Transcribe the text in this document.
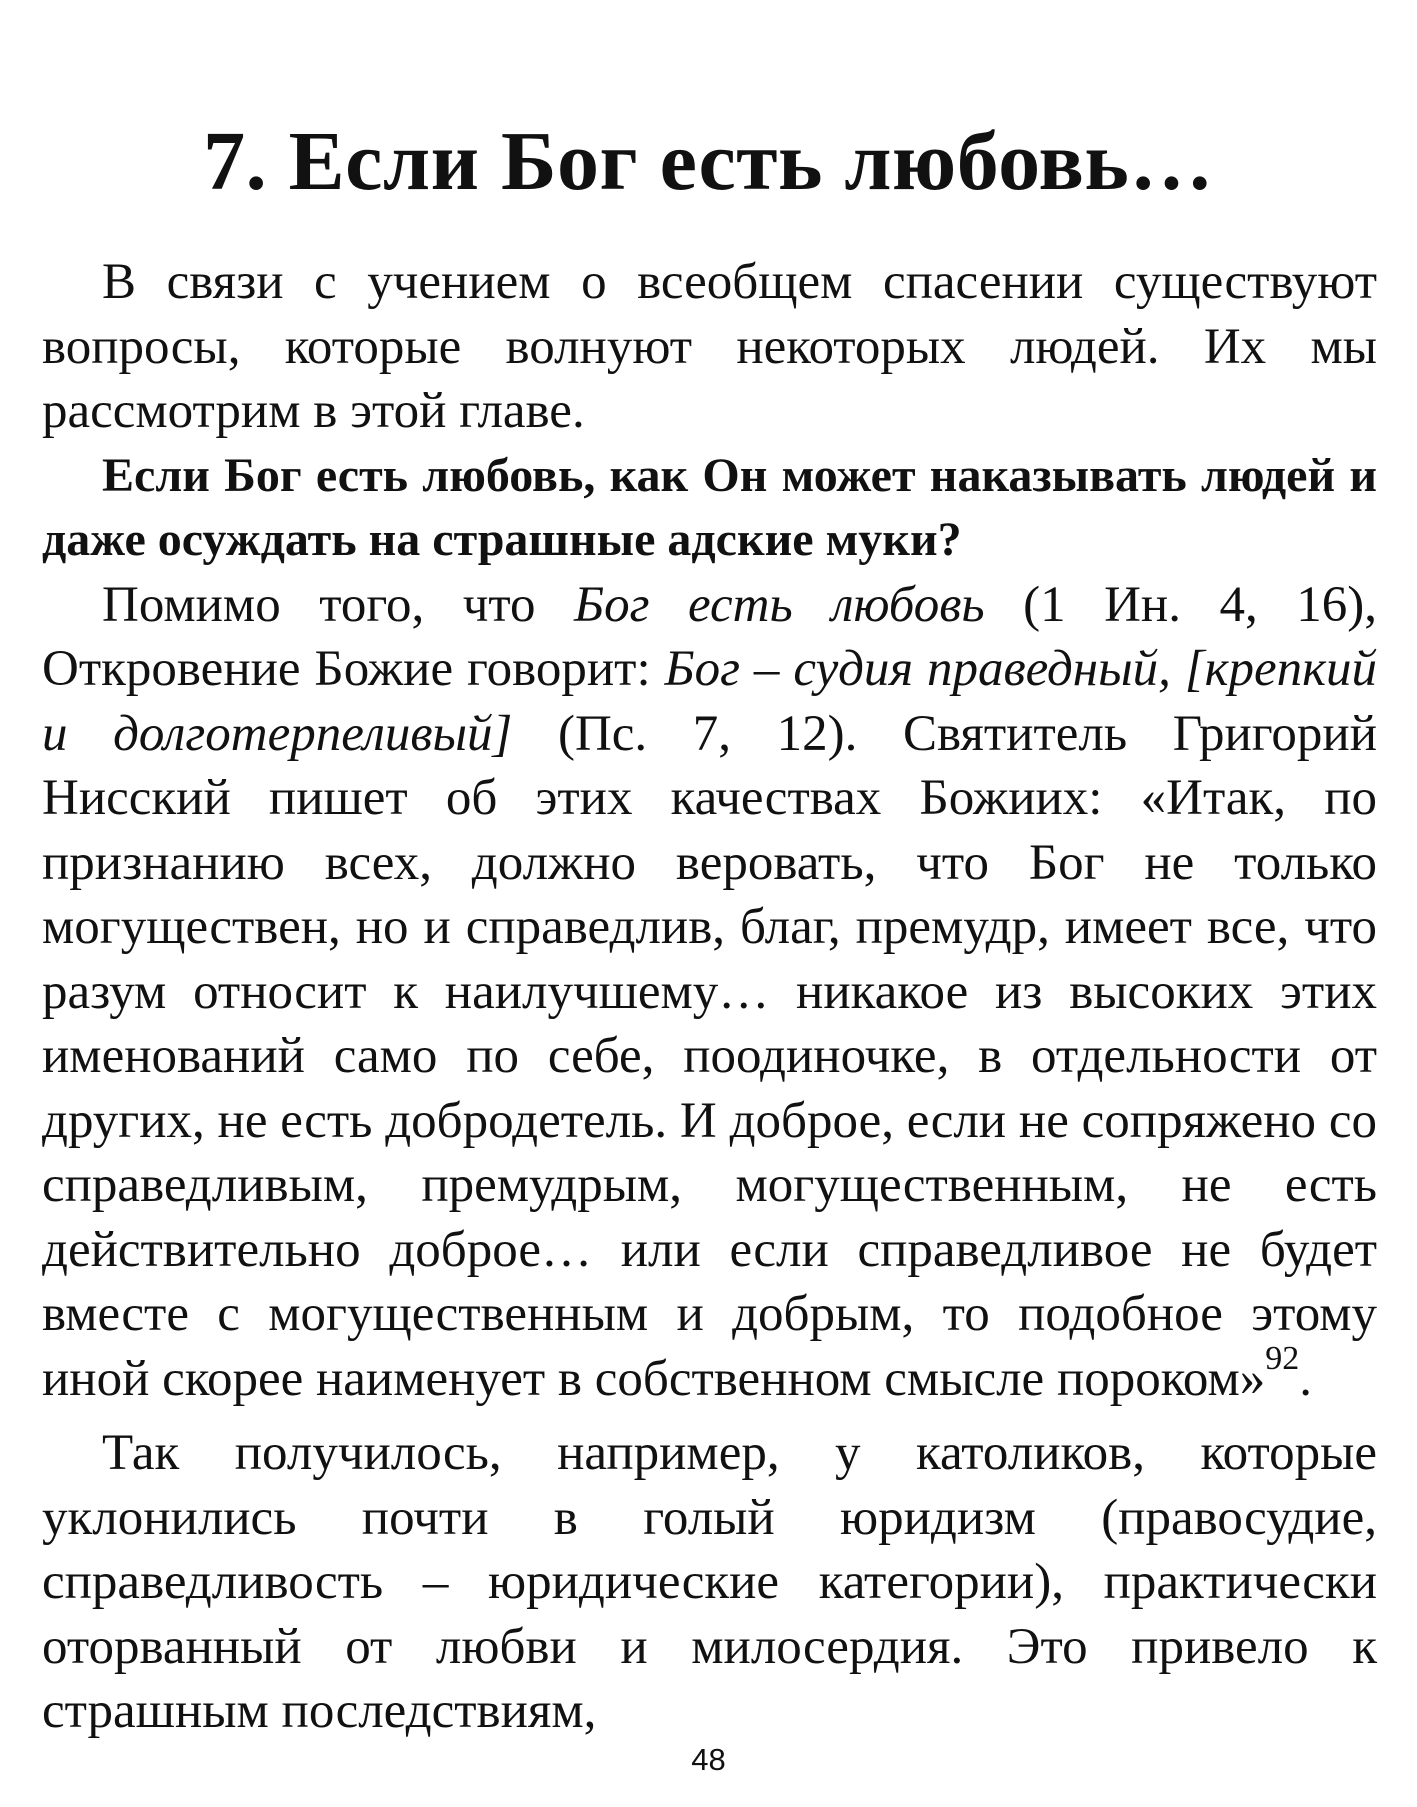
7. Если Бог есть любовь…

В связи с учением о всеобщем спасении существуют вопросы, которые волнуют некоторых людей. Их мы рассмотрим в этой главе.

Если Бог есть любовь, как Он может наказывать людей и даже осуждать на страшные адские муки?

Помимо того, что Бог есть любовь (1 Ин. 4, 16), Откровение Божие говорит: Бог – судия праведный, [крепкий и долготерпеливый] (Пс. 7, 12). Святитель Григорий Нисский пишет об этих качествах Божиих: «Итак, по признанию всех, должно веровать, что Бог не только могуществен, но и справедлив, благ, премудр, имеет все, что разум относит к наилучшему… никакое из высоких этих именований само по себе, поодиночке, в отдельности от других, не есть добродетель. И доброе, если не сопряжено со справедливым, премудрым, могущественным, не есть действительно доброе… или если справедливое не будет вместе с могущественным и добрым, то подобное этому иной скорее наименует в собственном смысле пороком»$^{92}$.

Так получилось, например, у католиков, которые уклонились почти в голый юридизм (правосудие, справедливость – юридические категории), практически оторванный от любви и милосердия. Это привело к страшным последствиям,

48
